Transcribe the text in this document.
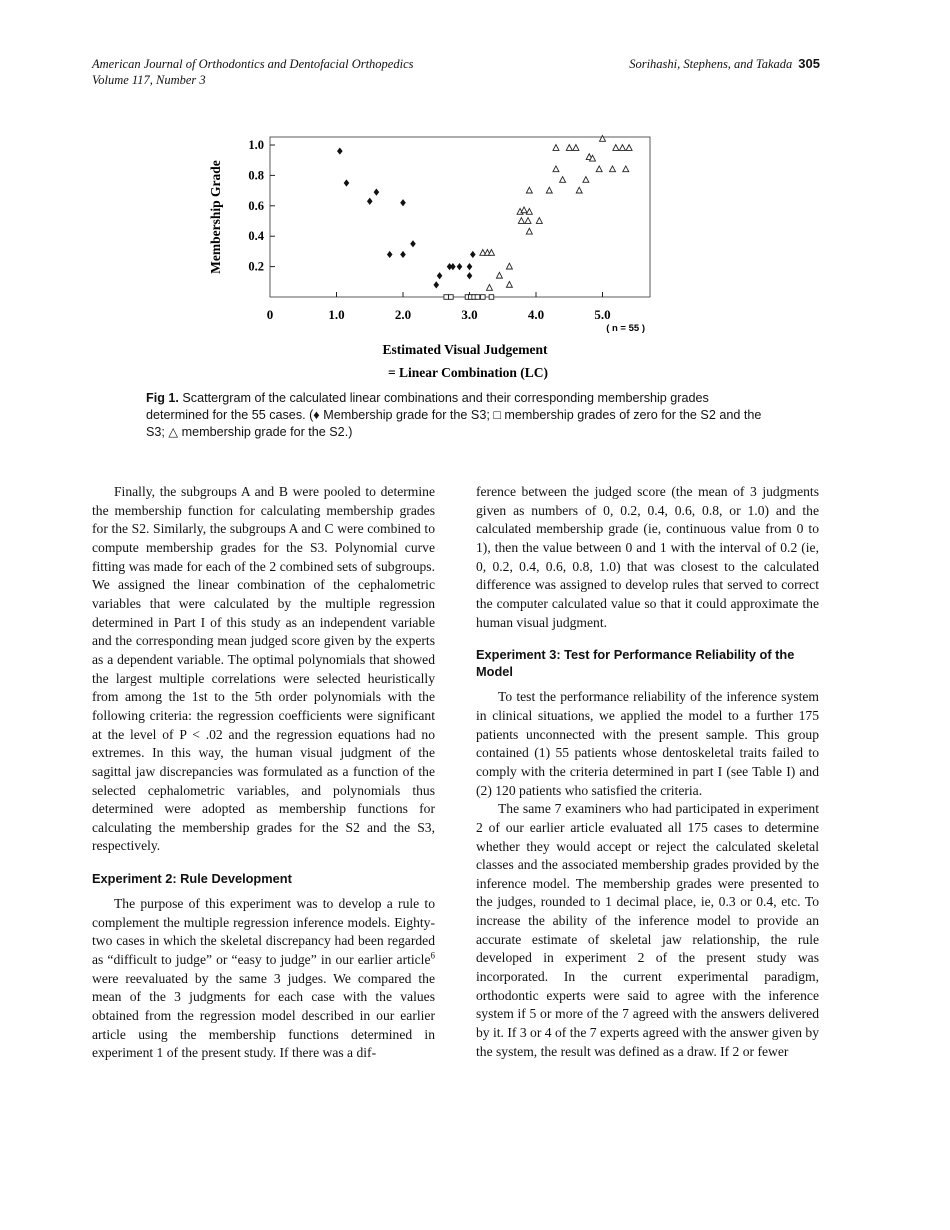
American Journal of Orthodontics and Dentofacial Orthopedics
Volume 117, Number 3
Sorihashi, Stephens, and Takada 305
0	1.0	2.0	3.0	4.0	5.0
1.0
0.8
0.6
0.4
0.2
Membership Grade
( n = 55 )
Estimated Visual Judgement
= Linear Combination (LC)
Fig 1. Scattergram of the calculated linear combinations and their corresponding membership grades determined for the 55 cases. (♦ Membership grade for the S3; □ membership grades of zero for the S2 and the S3; △ membership grade for the S2.)

Finally, the subgroups A and B were pooled to determine the membership function for calculating membership grades for the S2. Similarly, the subgroups A and C were combined to compute membership grades for the S3. Polynomial curve fitting was made for each of the 2 combined sets of subgroups. We assigned the linear combination of the cephalometric variables that were calculated by the multiple regression determined in Part I of this study as an independent variable and the corresponding mean judged score given by the experts as a dependent variable. The optimal polynomials that showed the largest multiple correlations were selected heuristically from among the 1st to the 5th order polynomials with the following criteria: the regression coefficients were significant at the level of P < .02 and the regression equations had no extremes. In this way, the human visual judgment of the sagittal jaw discrepancies was formulated as a function of the selected cephalometric variables, and polynomials thus determined were adopted as membership functions for calculating the membership grades for the S2 and the S3, respectively.

Experiment 2: Rule Development

The purpose of this experiment was to develop a rule to complement the multiple regression inference models. Eighty-two cases in which the skeletal discrepancy had been regarded as “difficult to judge” or “easy to judge” in our earlier article$^6$ were reevaluated by the same 3 judges. We compared the mean of the 3 judgments for each case with the values obtained from the regression model described in our earlier article using the membership functions determined in experiment 1 of the present study. If there was a dif-

ference between the judged score (the mean of 3 judgments given as numbers of 0, 0.2, 0.4, 0.6, 0.8, or 1.0) and the calculated membership grade (ie, continuous value from 0 to 1), then the value between 0 and 1 with the interval of 0.2 (ie, 0, 0.2, 0.4, 0.6, 0.8, 1.0) that was closest to the calculated difference was assigned to develop rules that served to correct the computer calculated value so that it could approximate the human visual judgment.

Experiment 3: Test for Performance Reliability of the Model

To test the performance reliability of the inference system in clinical situations, we applied the model to a further 175 patients unconnected with the present sample. This group contained (1) 55 patients whose dentoskeletal traits failed to comply with the criteria determined in part I (see Table I) and (2) 120 patients who satisfied the criteria.

The same 7 examiners who had participated in experiment 2 of our earlier article evaluated all 175 cases to determine whether they would accept or reject the calculated skeletal classes and the associated membership grades provided by the inference model. The membership grades were presented to the judges, rounded to 1 decimal place, ie, 0.3 or 0.4, etc. To increase the ability of the inference model to provide an accurate estimate of skeletal jaw relationship, the rule developed in experiment 2 of the present study was incorporated. In the current experimental paradigm, orthodontic experts were said to agree with the inference system if 5 or more of the 7 agreed with the answers delivered by it. If 3 or 4 of the 7 experts agreed with the answer given by the system, the result was defined as a draw. If 2 or fewer
